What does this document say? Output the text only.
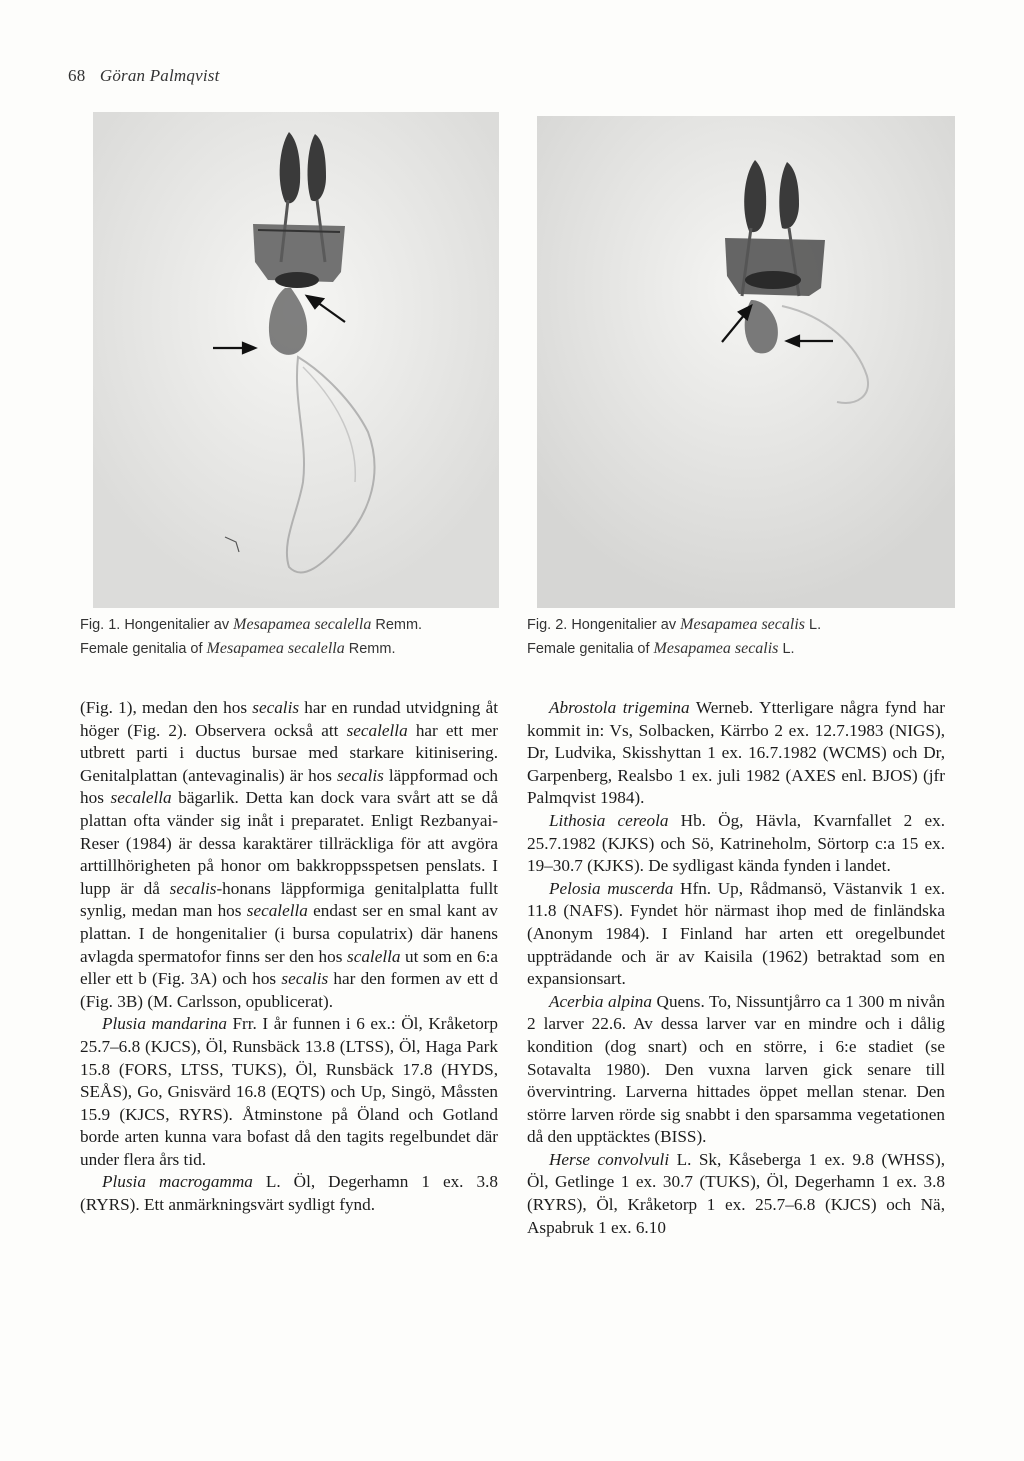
68 Göran Palmqvist
Fig. 1. Hongenitalier av Mesapamea secalella Remm.
Female genitalia of Mesapamea secalella Remm.
Fig. 2. Hongenitalier av Mesapamea secalis L.
Female genitalia of Mesapamea secalis L.

(Fig. 1), medan den hos secalis har en rundad utvidgning åt höger (Fig. 2). Observera också att secalella har ett mer utbrett parti i ductus bursae med starkare kitinisering. Genitalplattan (antevaginalis) är hos secalis läppformad och hos secalella bägarlik. Detta kan dock vara svårt att se då plattan ofta vänder sig inåt i preparatet. Enligt Rezbanyai-Reser (1984) är dessa karaktärer tillräckliga för att avgöra arttillhörigheten på honor om bakkroppsspetsen penslats. I lupp är då secalis-honans läppformiga genitalplatta fullt synlig, medan man hos secalella endast ser en smal kant av plattan. I de hongenitalier (i bursa copulatrix) där hanens avlagda spermatofor finns ser den hos scalella ut som en 6:a eller ett b (Fig. 3A) och hos secalis har den formen av ett d (Fig. 3B) (M. Carlsson, opublicerat).

Plusia mandarina Frr. I år funnen i 6 ex.: Öl, Kråketorp 25.7–6.8 (KJCS), Öl, Runsbäck 13.8 (LTSS), Öl, Haga Park 15.8 (FORS, LTSS, TUKS), Öl, Runsbäck 17.8 (HYDS, SEÅS), Go, Gnisvärd 16.8 (EQTS) och Up, Singö, Måssten 15.9 (KJCS, RYRS). Åtminstone på Öland och Gotland borde arten kunna vara bofast då den tagits regelbundet där under flera års tid.

Plusia macrogamma L. Öl, Degerhamn 1 ex. 3.8 (RYRS). Ett anmärkningsvärt sydligt fynd.

Abrostola trigemina Werneb. Ytterligare några fynd har kommit in: Vs, Solbacken, Kärrbo 2 ex. 12.7.1983 (NIGS), Dr, Ludvika, Skisshyttan 1 ex. 16.7.1982 (WCMS) och Dr, Garpenberg, Realsbo 1 ex. juli 1982 (AXES enl. BJOS) (jfr Palmqvist 1984).

Lithosia cereola Hb. Ög, Hävla, Kvarnfallet 2 ex. 25.7.1982 (KJKS) och Sö, Katrineholm, Sörtorp c:a 15 ex. 19–30.7 (KJKS). De sydligast kända fynden i landet.

Pelosia muscerda Hfn. Up, Rådmansö, Västanvik 1 ex. 11.8 (NAFS). Fyndet hör närmast ihop med de finländska (Anonym 1984). I Finland har arten ett oregelbundet uppträdande och är av Kaisila (1962) betraktad som en expansionsart.

Acerbia alpina Quens. To, Nissuntjårro ca 1 300 m nivån 2 larver 22.6. Av dessa larver var en mindre och i dålig kondition (dog snart) och en större, i 6:e stadiet (se Sotavalta 1980). Den vuxna larven gick senare till övervintring. Larverna hittades öppet mellan stenar. Den större larven rörde sig snabbt i den sparsamma vegetationen då den upptäcktes (BISS).

Herse convolvuli L. Sk, Kåseberga 1 ex. 9.8 (WHSS), Öl, Getlinge 1 ex. 30.7 (TUKS), Öl, Degerhamn 1 ex. 3.8 (RYRS), Öl, Kråketorp 1 ex. 25.7–6.8 (KJCS) och Nä, Aspabruk 1 ex. 6.10
